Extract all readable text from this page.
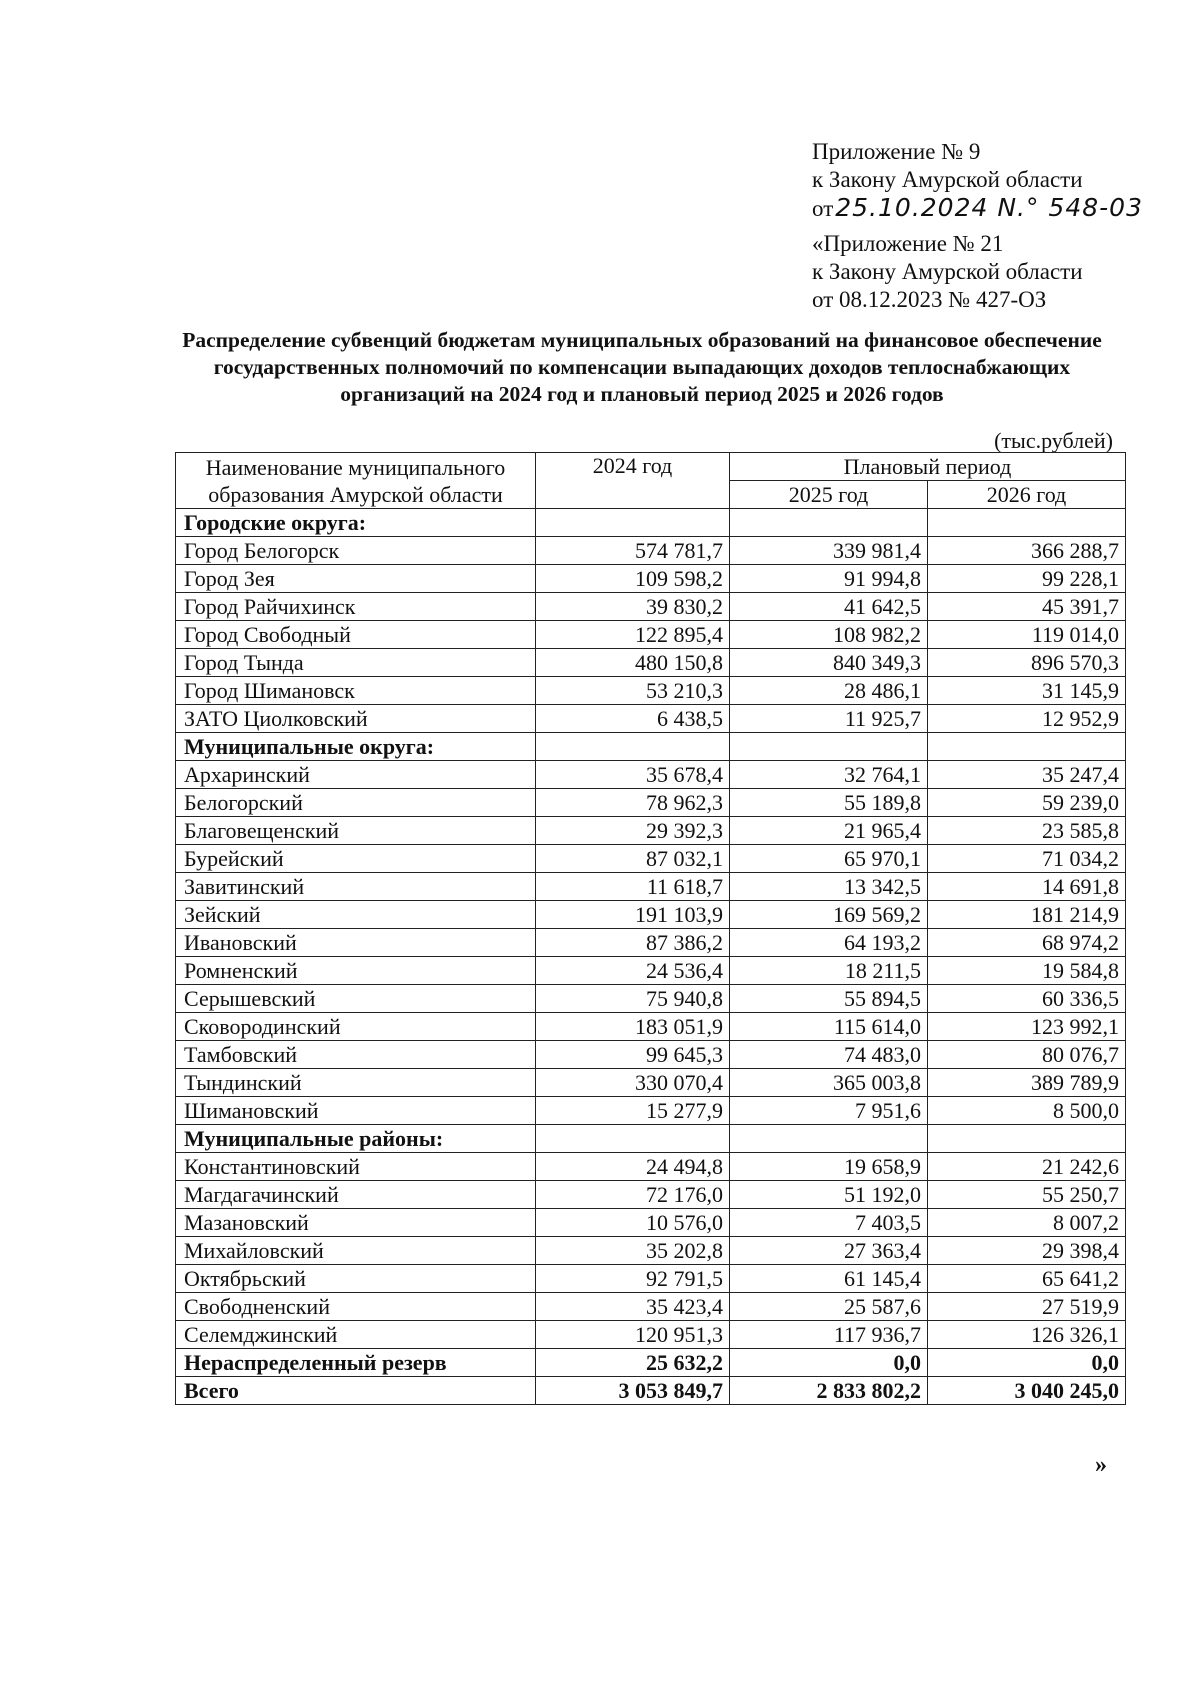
Приложение № 9
к Закону Амурской области
от25.10.2024 N.° 548-03
«Приложение № 21
к Закону Амурской области
от 08.12.2023 № 427-ОЗ
Распределение субвенций бюджетам муниципальных образований на финансовое обеспечение государственных полномочий по компенсации выпадающих доходов теплоснабжающих организаций на 2024 год и плановый период 2025 и 2026 годов
(тыс.рублей)
Наименование муниципального образования Амурской области	2024 год	Плановый период	
		2025 год	2026 год
Городские округа:			
Город Белогорск	574 781,7	339 981,4	366 288,7
Город Зея	109 598,2	91 994,8	99 228,1
Город Райчихинск	39 830,2	41 642,5	45 391,7
Город Свободный	122 895,4	108 982,2	119 014,0
Город Тында	480 150,8	840 349,3	896 570,3
Город Шимановск	53 210,3	28 486,1	31 145,9
ЗАТО Циолковский	6 438,5	11 925,7	12 952,9
Муниципальные округа:			
Архаринский	35 678,4	32 764,1	35 247,4
Белогорский	78 962,3	55 189,8	59 239,0
Благовещенский	29 392,3	21 965,4	23 585,8
Бурейский	87 032,1	65 970,1	71 034,2
Завитинский	11 618,7	13 342,5	14 691,8
Зейский	191 103,9	169 569,2	181 214,9
Ивановский	87 386,2	64 193,2	68 974,2
Ромненский	24 536,4	18 211,5	19 584,8
Серышевский	75 940,8	55 894,5	60 336,5
Сковородинский	183 051,9	115 614,0	123 992,1
Тамбовский	99 645,3	74 483,0	80 076,7
Тындинский	330 070,4	365 003,8	389 789,9
Шимановский	15 277,9	7 951,6	8 500,0
Муниципальные районы:			
Константиновский	24 494,8	19 658,9	21 242,6
Магдагачинский	72 176,0	51 192,0	55 250,7
Мазановский	10 576,0	7 403,5	8 007,2
Михайловский	35 202,8	27 363,4	29 398,4
Октябрьский	92 791,5	61 145,4	65 641,2
Свободненский	35 423,4	25 587,6	27 519,9
Селемджинский	120 951,3	117 936,7	126 326,1
Нераспределенный резерв	25 632,2	0,0	0,0
Всего	3 053 849,7	2 833 802,2	3 040 245,0
»
